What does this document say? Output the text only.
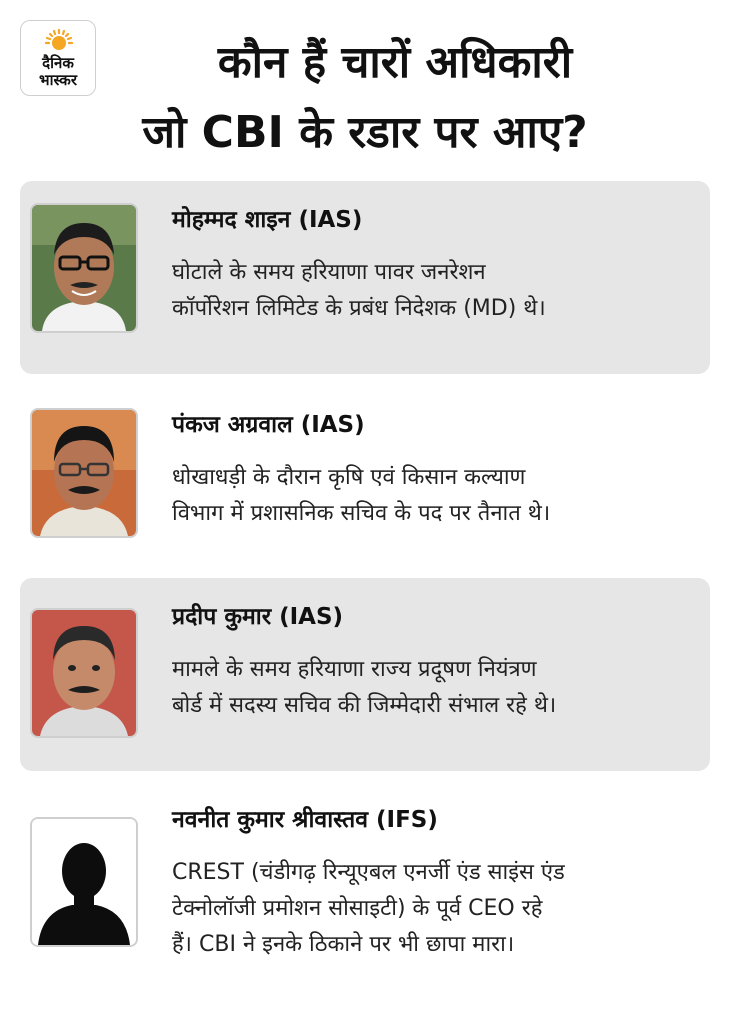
दैनिक
भास्कर	कौन हैं चारों अधिकारी
जो CBI के रडार पर आए?
मोहम्मद शाइन (IAS)
घोटाले के समय हरियाणा पावर जनरेशन
कॉर्पोरेशन लिमिटेड के प्रबंध निदेशक (MD) थे।
पंकज अग्रवाल (IAS)
धोखाधड़ी के दौरान कृषि एवं किसान कल्याण
विभाग में प्रशासनिक सचिव के पद पर तैनात थे।
प्रदीप कुमार (IAS)
मामले के समय हरियाणा राज्य प्रदूषण नियंत्रण
बोर्ड में सदस्य सचिव की जिम्मेदारी संभाल रहे थे।
नवनीत कुमार श्रीवास्तव (IFS)
CREST (चंडीगढ़ रिन्यूएबल एनर्जी एंड साइंस एंड
टेक्नोलॉजी प्रमोशन सोसाइटी) के पूर्व CEO रहे
हैं। CBI ने इनके ठिकाने पर भी छापा मारा।
